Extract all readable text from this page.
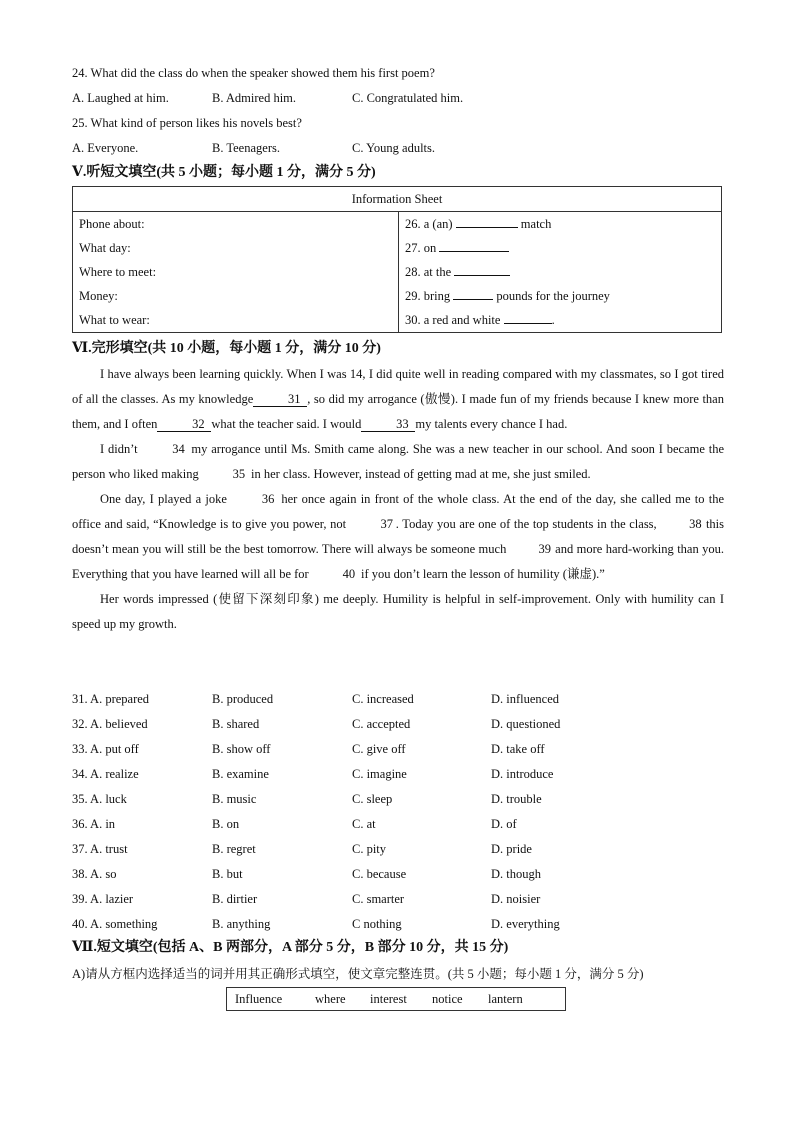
24. What did the class do when the speaker showed them his first poem?
A. Laughed at him.	B. Admired him.	C. Congratulated him.
25. What kind of person likes his novels best?
A. Everyone.	B. Teenagers.	C. Young adults.
Ⅴ.听短文填空(共 5 小题；每小题 1 分，满分 5 分)
Information Sheet	
Phone about:	26. a (an) match
What day:	27. on
Where to meet:	28. at the
Money:	29. bring pounds for the journey
What to wear:	30. a red and white .
Ⅵ.完形填空(共 10 小题，每小题 1 分，满分 10 分)

I have always been learning quickly. When I was 14, I did quite well in reading compared with my classmates, so I got tired of all the classes. As my knowledge	31 , so did my arrogance (傲慢). I made fun of my friends because I knew more than them, and I often	32 what the teacher said. I would	33 my talents every chance I had.

I didn’t	34 my arrogance until Ms. Smith came along. She was a new teacher in our school. And soon I became the person who liked making	35 in her class. However, instead of getting mad at me, she just smiled.

One day, I played a joke	36 her once again in front of the whole class. At the end of the day, she called me to the office and said, “Knowledge is to give you power, not	37 . Today you are one of the top students in the class,	38 this doesn’t mean you will still be the best tomorrow. There will always be someone much	39 and more hard-working than you. Everything that you have learned will all be for	40 if you don’t learn the lesson of humility (谦虚).”

Her words impressed (使留下深刻印象) me deeply. Humility is helpful in self-improvement. Only with humility can I speed up my growth.

31. A. prepared	B. produced	C. increased	D. influenced
32. A. believed	B. shared	C. accepted	D. questioned
33. A. put off	B. show off	C. give off	D. take off
34. A. realize	B. examine	C. imagine	D. introduce
35. A. luck	B. music	C. sleep	D. trouble
36. A. in	B. on	C. at	D. of
37. A. trust	B. regret	C. pity	D. pride
38. A. so	B. but	C. because	D. though
39. A. lazier	B. dirtier	C. smarter	D. noisier
40. A. something	B. anything	C nothing	D. everything
Ⅶ.短文填空(包括 A、B 两部分，A 部分 5 分，B 部分 10 分，共 15 分)
A)请从方框内选择适当的词并用其正确形式填空，使文章完整连贯。(共 5 小题；每小题 1 分，满分 5 分)
Influence	where interest notice lantern
